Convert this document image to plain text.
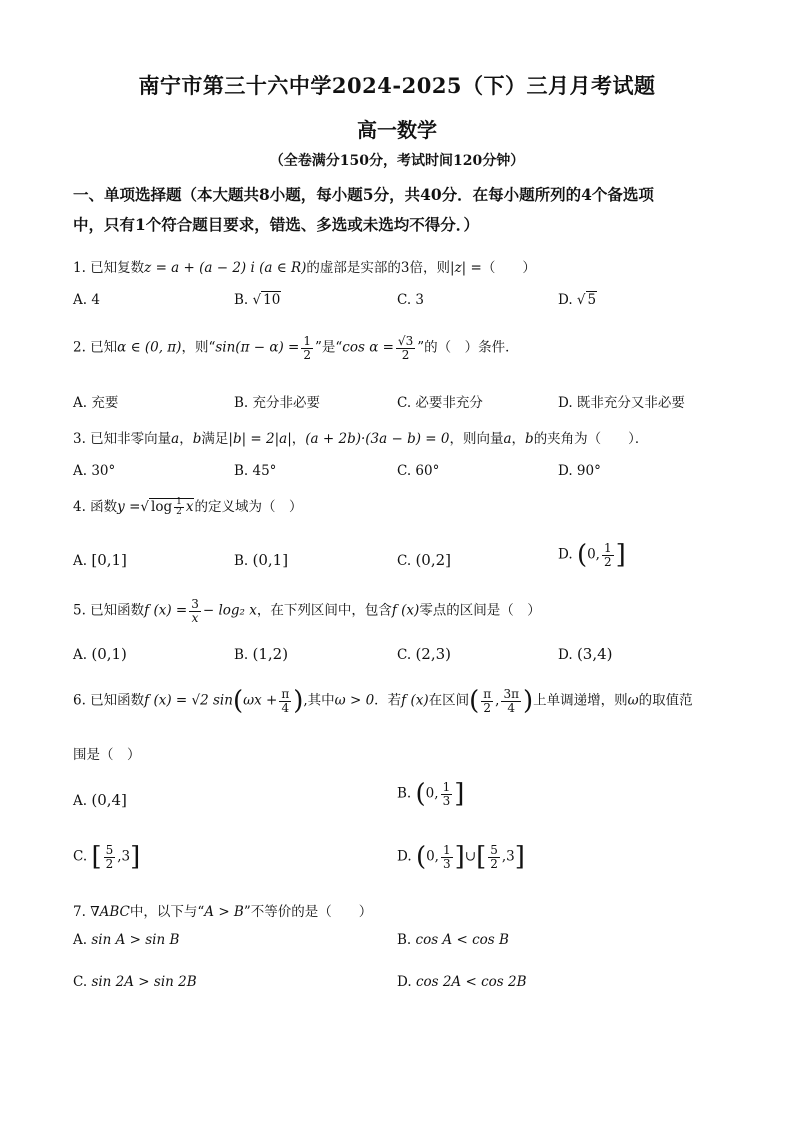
南宁市第三十六中学2024-2025（下）三月月考试题
高一数学
（全卷满分150分，考试时间120分钟）
一、单项选择题（本大题共8小题，每小题5分，共40分．在每小题所列的4个备选项
中，只有1个符合题目要求，错选、多选或未选均不得分．）
1. 已知复数z = a + (a − 2) i (a ∈ R)的虚部是实部的3倍，则|z| =（　　）
A. 4	B. √ 10	C. 3	D. √ 5
2. 已知α ∈ (0, π)，则“$\sin(\pi - \alpha) = \frac{1}{2}$ ”是“cos $\alpha = \frac{√3}{2}$ ”的（　）条件．
A. 充要	B. 充分非必要	C. 必要非充分	D. 既非充分又非必要
3. 已知非零向量a，b满足|b| = 2|a|，(a + 2b)·(3a − b) = 0，则向量a，b的夹角为（　　）．
A. 30°	B. 45°	C. 60°	D. 90°
4. 函数y =√ $\log \frac{1}{2}$ x的定义域为（　）
A. [0,1]	B. (0,1]	C. (0,2]	D. (0, $\frac{1}{2}$ ]
5. 已知函数f $(x) = \frac{3}{x} - \log_2$ x，在下列区间中，包含f (x)零点的区间是（　）
A. (0,1)	B. (1,2)	C. (2,3)	D. (3,4)
6. 已知函数f (x) = √2 $\sin(\omega x + \frac{\pi}{4}$ ),其中ω > 0．若f (x)在区间( $\frac{\pi}{2}$ , $\frac{3\pi}{4}$ )上单调递增，则ω的取值范
围是（　）
A. (0,4]	B. (0, $\frac{1}{3}$ ]
C. [ $\frac{5}{2} ,3$]	D. (0, $\frac{1}{3}$ ]∪[ $\frac{5}{2} ,3$]
7. ∇ABC中，以下与“A > B”不等价的是（　　）
A. sin A > sin B	B. cos A < cos B
C. sin 2A > sin 2B	D. cos 2A < cos 2B
